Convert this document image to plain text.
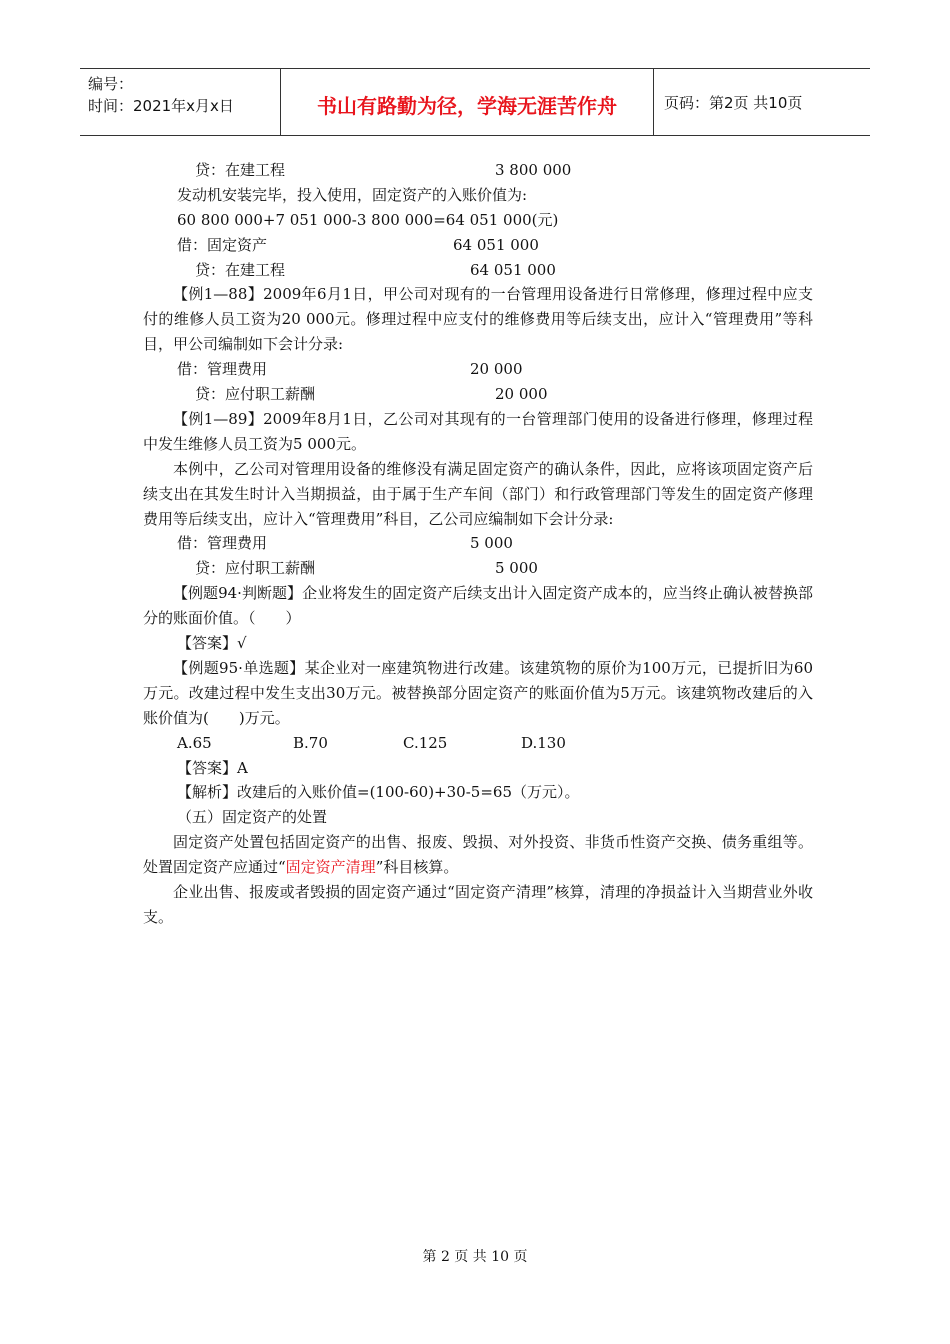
编号：
时间：2021年x月x日	书山有路勤为径，学海无涯苦作舟	页码：第2页 共10页
贷：在建工程	3 800 000
发动机安装完毕，投入使用，固定资产的入账价值为:
60 800 000+7 051 000-3 800 000=64 051 000(元)
借：固定资产	64 051 000
贷：在建工程	64 051 000

【例1—88】2009年6月1日，甲公司对现有的一台管理用设备进行日常修理，修理过程中应支付的维修人员工资为20 000元。修理过程中应支付的维修费用等后续支出，应计入“管理费用”等科目，甲公司编制如下会计分录:

借：管理费用	20 000
贷：应付职工薪酬	20 000

【例1—89】2009年8月1日，乙公司对其现有的一台管理部门使用的设备进行修理，修理过程中发生维修人员工资为5 000元。

本例中，乙公司对管理用设备的维修没有满足固定资产的确认条件，因此，应将该项固定资产后续支出在其发生时计入当期损益，由于属于生产车间（部门）和行政管理部门等发生的固定资产修理费用等后续支出，应计入“管理费用”科目，乙公司应编制如下会计分录:

借：管理费用	5 000
贷：应付职工薪酬	5 000

【例题94·判断题】企业将发生的固定资产后续支出计入固定资产成本的，应当终止确认被替换部分的账面价值。（　　）

【答案】√

【例题95·单选题】某企业对一座建筑物进行改建。该建筑物的原价为100万元，已提折旧为60万元。改建过程中发生支出30万元。被替换部分固定资产的账面价值为5万元。该建筑物改建后的入账价值为(　　)万元。

A.65	B.70	C.125	D.130
【答案】A
【解析】改建后的入账价值=(100-60)+30-5=65（万元）。
（五）固定资产的处置

固定资产处置包括固定资产的出售、报废、毁损、对外投资、非货币性资产交换、债务重组等。处置固定资产应通过“固定资产清理”科目核算。

企业出售、报废或者毁损的固定资产通过“固定资产清理”核算，清理的净损益计入当期营业外收支。

第 2 页 共 10 页
